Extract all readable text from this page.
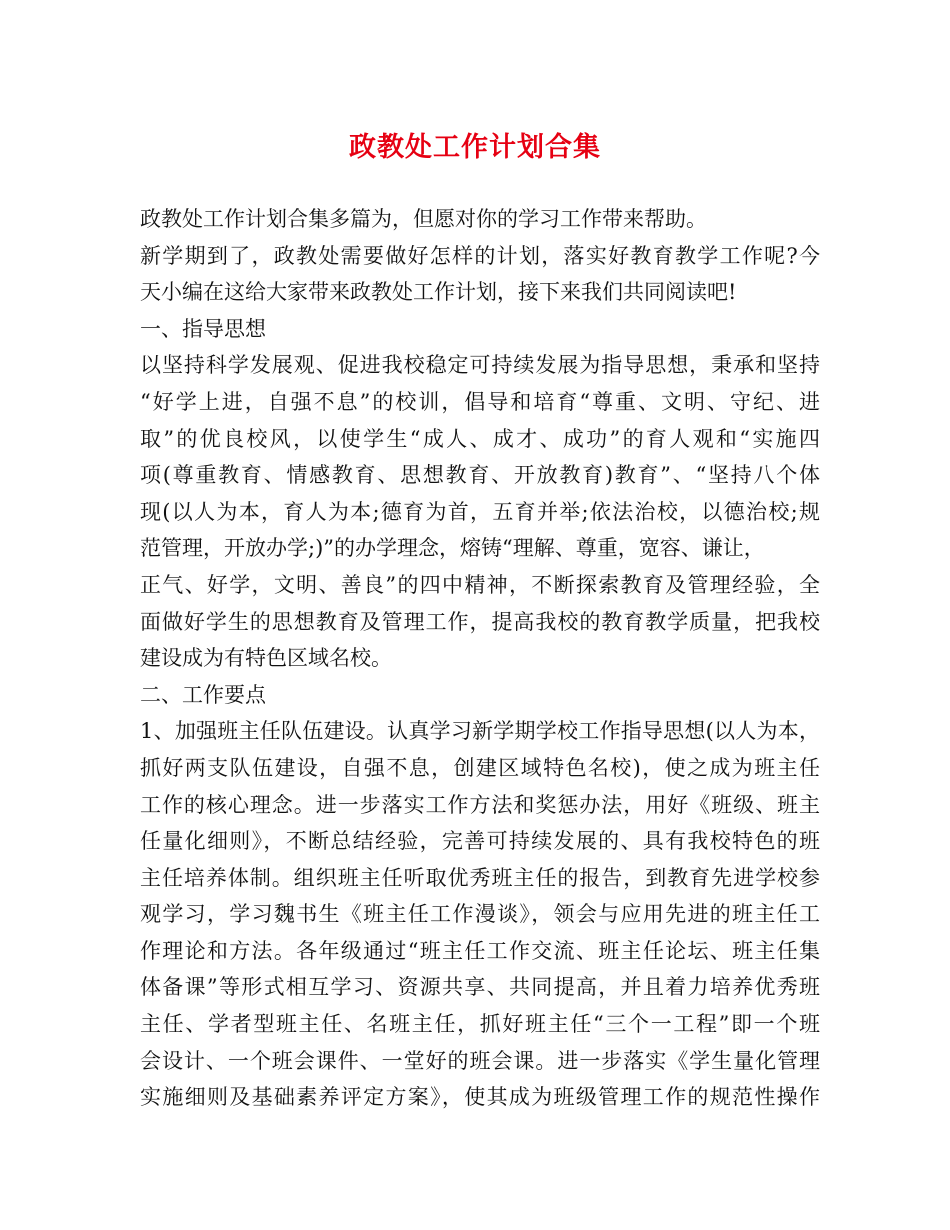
政教处工作计划合集
政教处工作计划合集多篇为，但愿对你的学习工作带来帮助。
新学期到了，政教处需要做好怎样的计划，落实好教育教学工作呢?今
天小编在这给大家带来政教处工作计划，接下来我们共同阅读吧!
一、指导思想
以坚持科学发展观、促进我校稳定可持续发展为指导思想，秉承和坚持
“好学上进，自强不息”的校训，倡导和培育“尊重、文明、守纪、进
取”的优良校风，以使学生“成人、成才、成功”的育人观和“实施四
项(尊重教育、情感教育、思想教育、开放教育)教育”、“坚持八个体
现(以人为本，育人为本;德育为首，五育并举;依法治校，以德治校;规
范管理，开放办学;)”的办学理念，熔铸“理解、尊重，宽容、谦让，
正气、好学，文明、善良”的四中精神，不断探索教育及管理经验，全
面做好学生的思想教育及管理工作，提高我校的教育教学质量，把我校
建设成为有特色区域名校。
二、工作要点
1、加强班主任队伍建设。认真学习新学期学校工作指导思想(以人为本，
抓好两支队伍建设，自强不息，创建区域特色名校)，使之成为班主任
工作的核心理念。进一步落实工作方法和奖惩办法，用好《班级、班主
任量化细则》，不断总结经验，完善可持续发展的、具有我校特色的班
主任培养体制。组织班主任听取优秀班主任的报告，到教育先进学校参
观学习，学习魏书生《班主任工作漫谈》，领会与应用先进的班主任工
作理论和方法。各年级通过“班主任工作交流、班主任论坛、班主任集
体备课”等形式相互学习、资源共享、共同提高，并且着力培养优秀班
主任、学者型班主任、名班主任，抓好班主任“三个一工程”即一个班
会设计、一个班会课件、一堂好的班会课。进一步落实《学生量化管理
实施细则及基础素养评定方案》，使其成为班级管理工作的规范性操作
